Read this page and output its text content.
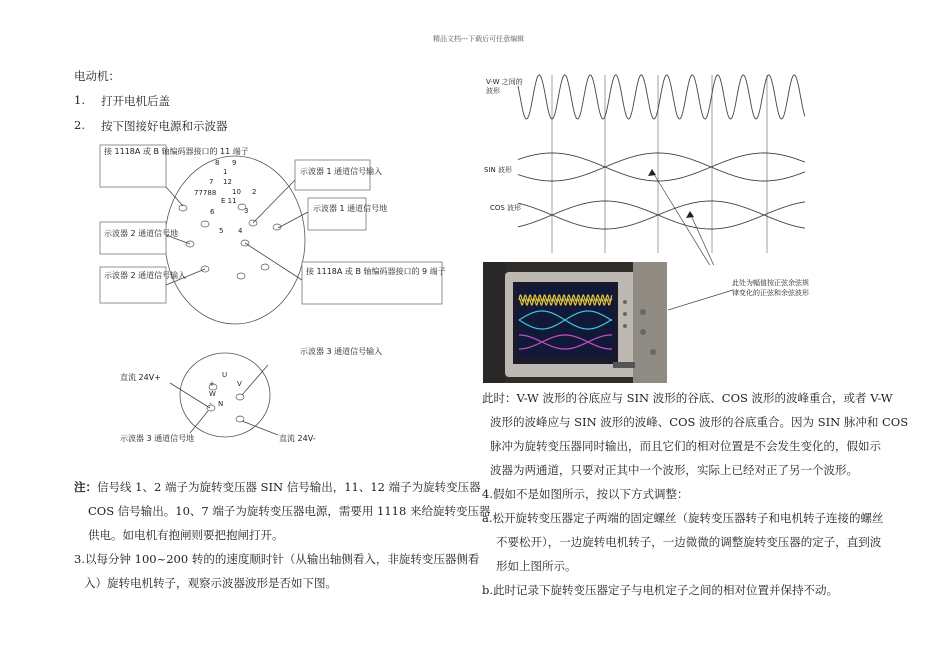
精品文档---下载后可任意编辑
电动机：
1. 打开电机后盖
2. 按下图接好电源和示波器
接 1118A 或 B 轴编码器接口的 11 端子
示波器 1 通道信号输入
示波器 1 通道信号地
示波器 2 通道信号地
示波器 2 通道信号输入	接 1118A 或 B 轴编码器接口的 9 端子
8 9
1
7 12
77788 10 2
E 11
6	3
5 4
示波器 3 通道信号输入
直流 24V+
示波器 3 通道信号地	直流 24V-
U
V
+
W
- N
注：信号线 1、2 端子为旋转变压器 SIN 信号输出，11、12 端子为旋转变压器
COS 信号输出。10、7 端子为旋转变压器电源，需要用 1118 来给旋转变压器
供电。如电机有抱闸则要把抱闸打开。
3.以每分钟 100~200 转的的速度顺时针（从输出轴侧看入，非旋转变压器侧看
入）旋转电机转子，观察示波器波形是否如下图。
V-W 之间的波形
SIN 波形
COS 波形
此处为幅值按正弦余弦规律变化的正弦和余弦波形
此时：V-W 波形的谷底应与 SIN 波形的谷底、COS 波形的波峰重合，或者 V-W
波形的波峰应与 SIN 波形的波峰、COS 波形的谷底重合。因为 SIN 脉冲和 COS
脉冲为旋转变压器同时输出，而且它们的相对位置是不会发生变化的，假如示
波器为两通道，只要对正其中一个波形，实际上已经对正了另一个波形。
4.假如不是如图所示，按以下方式调整：
a.松开旋转变压器定子两端的固定螺丝（旋转变压器转子和电机转子连接的螺丝
不要松开），一边旋转电机转子，一边微微的调整旋转变压器的定子，直到波
形如上图所示。
b.此时记录下旋转变压器定子与电机定子之间的相对位置并保持不动。
